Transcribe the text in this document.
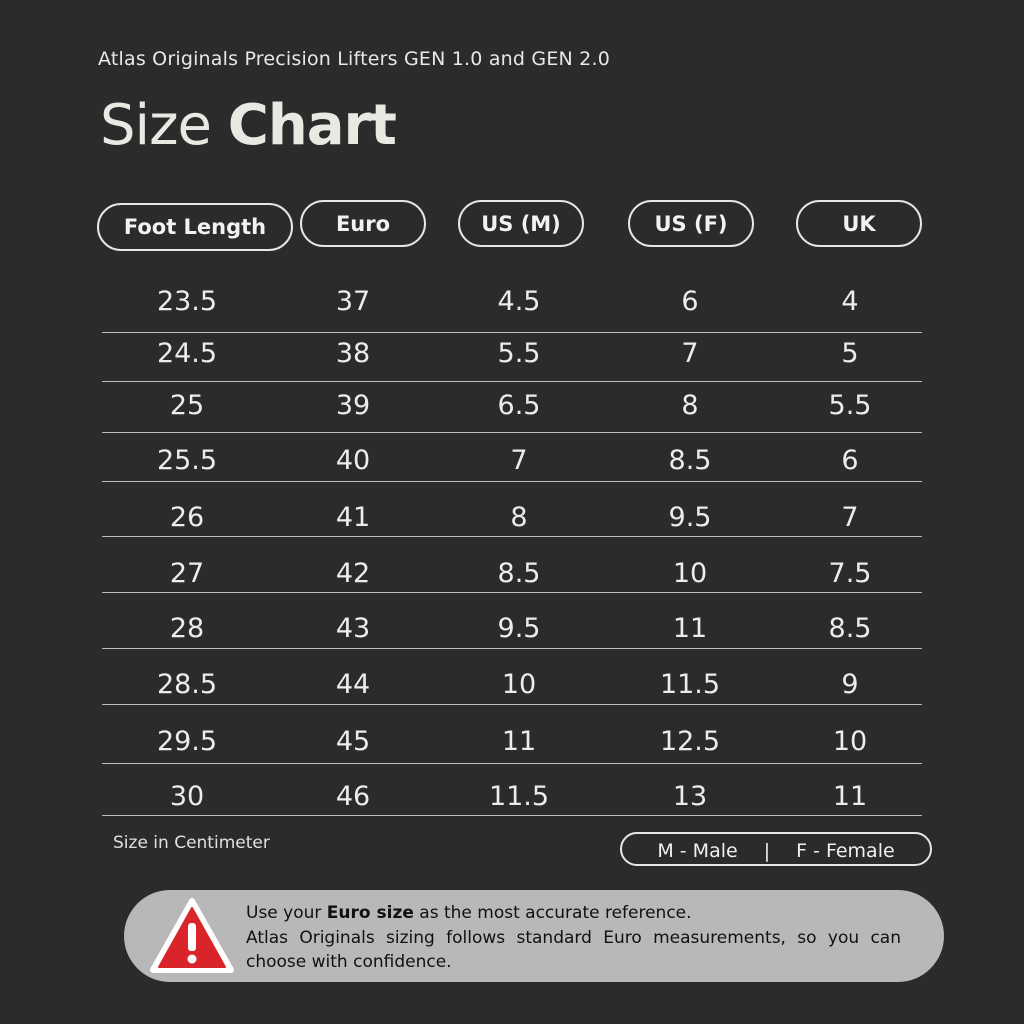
Atlas Originals Precision Lifters GEN 1.0 and GEN 2.0
Size Chart
Foot Length	Euro	US (M)	US (F)	UK
23.5	37	4.5	6	4
24.5	38	5.5	7	5
25	39	6.5	8	5.5
25.5	40	7	8.5	6
26	41	8	9.5	7
27	42	8.5	10	7.5
28	43	9.5	11	8.5
28.5	44	10	11.5	9
29.5	45	11	12.5	10
30	46	11.5	13	11
Size in Centimeter	M - Male | F - Female
Use your Euro size as the most accurate reference.
Atlas Originals sizing follows standard Euro measurements, so you can choose with confidence.
